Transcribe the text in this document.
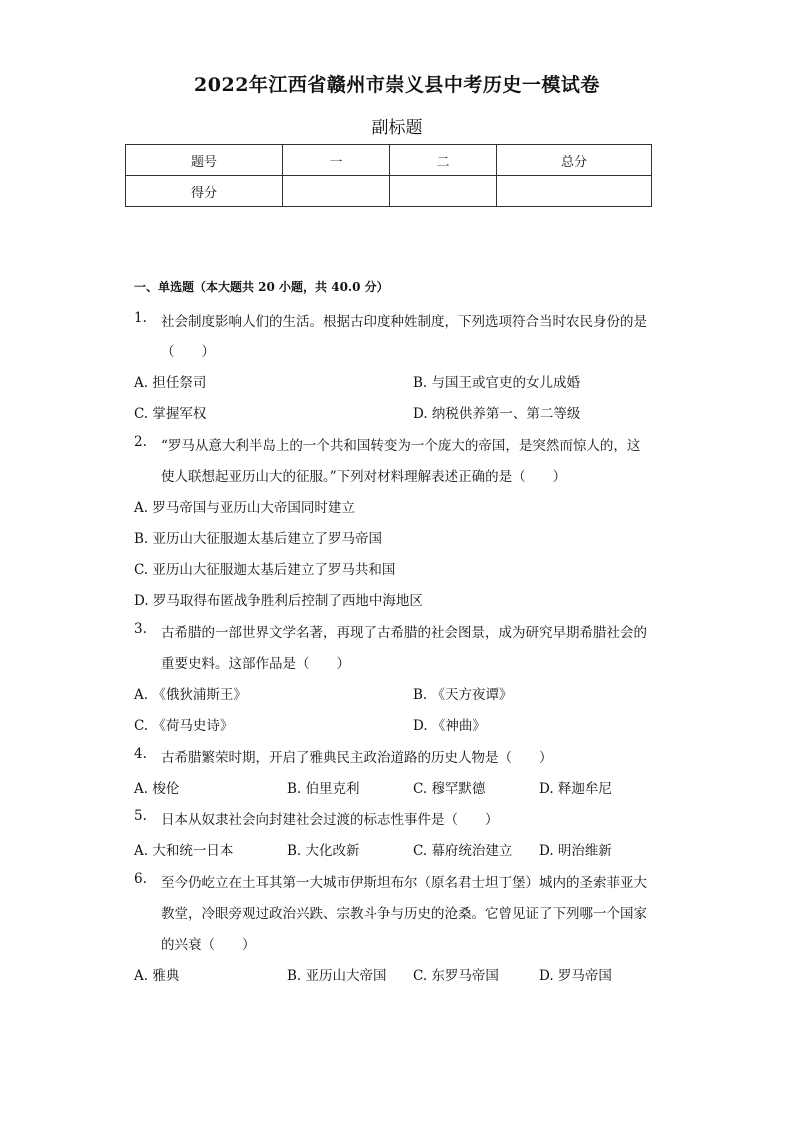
2022年江西省赣州市崇义县中考历史一模试卷
副标题
题号	一	二	总分
得分			
一、单选题（本大题共 20 小题，共 40.0 分）
1. 社会制度影响人们的生活。根据古印度种姓制度，下列选项符合当时农民身份的是
（　　）
A. 担任祭司	B. 与国王或官吏的女儿成婚
C. 掌握军权	D. 纳税供养第一、第二等级
2. “罗马从意大利半岛上的一个共和国转变为一个庞大的帝国，是突然而惊人的，这
使人联想起亚历山大的征服。”下列对材料理解表述正确的是（　　）
A. 罗马帝国与亚历山大帝国同时建立
B. 亚历山大征服迦太基后建立了罗马帝国
C. 亚历山大征服迦太基后建立了罗马共和国
D. 罗马取得布匿战争胜利后控制了西地中海地区
3. 古希腊的一部世界文学名著，再现了古希腊的社会图景，成为研究早期希腊社会的
重要史料。这部作品是（　　）
A. 《俄狄浦斯王》	B. 《天方夜谭》
C. 《荷马史诗》	D. 《神曲》
4. 古希腊繁荣时期，开启了雅典民主政治道路的历史人物是（　　）
A. 梭伦	B. 伯里克利	C. 穆罕默德	D. 释迦牟尼
5. 日本从奴隶社会向封建社会过渡的标志性事件是（　　）
A. 大和统一日本	B. 大化改新	C. 幕府统治建立 D. 明治维新
6. 至今仍屹立在土耳其第一大城市伊斯坦布尔（原名君士坦丁堡）城内的圣索菲亚大
教堂，冷眼旁观过政治兴跌、宗教斗争与历史的沧桑。它曾见证了下列哪一个国家
的兴衰（　　）
A. 雅典	B. 亚历山大帝国 C. 东罗马帝国	D. 罗马帝国
